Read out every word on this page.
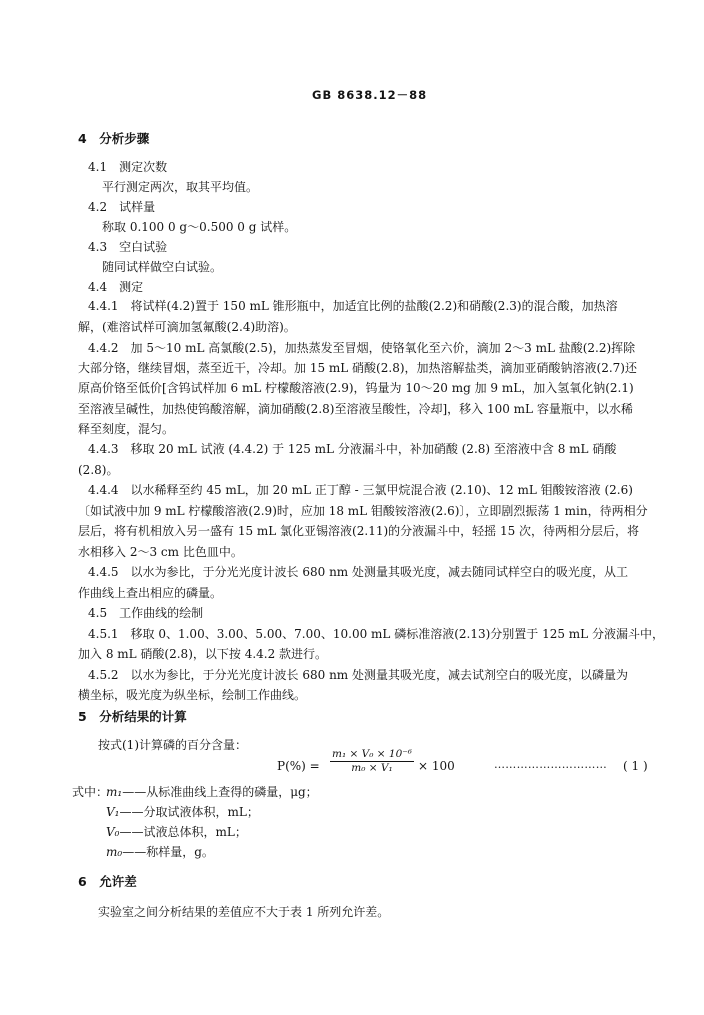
GB 8638.12－88
4　分析步骤
4.1　测定次数
平行测定两次，取其平均值。
4.2　试样量
称取 0.100 0 g～0.500 0 g 试样。
4.3　空白试验
随同试样做空白试验。
4.4　测定
4.4.1　将试样(4.2)置于 150 mL 锥形瓶中，加适宜比例的盐酸(2.2)和硝酸(2.3)的混合酸，加热溶
解，(难溶试样可滴加氢氟酸(2.4)助溶)。
4.4.2　加 5～10 mL 高氯酸(2.5)，加热蒸发至冒烟，使铬氧化至六价，滴加 2～3 mL 盐酸(2.2)挥除
大部分铬，继续冒烟，蒸至近干，冷却。加 15 mL 硝酸(2.8)，加热溶解盐类，滴加亚硝酸钠溶液(2.7)还
原高价铬至低价[含钨试样加 6 mL 柠檬酸溶液(2.9)，钨量为 10～20 mg 加 9 mL，加入氢氧化钠(2.1)
至溶液呈碱性，加热使钨酸溶解，滴加硝酸(2.8)至溶液呈酸性，冷却]，移入 100 mL 容量瓶中，以水稀
释至刻度，混匀。
4.4.3　移取 20 mL 试液 (4.4.2) 于 125 mL 分液漏斗中，补加硝酸 (2.8) 至溶液中含 8 mL 硝酸
(2.8)。
4.4.4　以水稀释至约 45 mL，加 20 mL 正丁醇 - 三氯甲烷混合液 (2.10)、12 mL 钼酸铵溶液 (2.6)
〔如试液中加 9 mL 柠檬酸溶液(2.9)时，应加 18 mL 钼酸铵溶液(2.6)〕，立即剧烈振荡 1 min，待两相分
层后，将有机相放入另一盛有 15 mL 氯化亚锡溶液(2.11)的分液漏斗中，轻摇 15 次，待两相分层后，将
水相移入 2～3 cm 比色皿中。
4.4.5　以水为参比，于分光光度计波长 680 nm 处测量其吸光度，减去随同试样空白的吸光度，从工
作曲线上查出相应的磷量。
4.5　工作曲线的绘制
4.5.1　移取 0、1.00、3.00、5.00、7.00、10.00 mL 磷标准溶液(2.13)分别置于 125 mL 分液漏斗中，
加入 8 mL 硝酸(2.8)，以下按 4.4.2 款进行。
4.5.2　以水为参比，于分光光度计波长 680 nm 处测量其吸光度，减去试剂空白的吸光度，以磷量为
横坐标，吸光度为纵坐标，绘制工作曲线。
5　分析结果的计算
按式(1)计算磷的百分含量：
P(%) =
m₁ × V₀ × 10⁻⁶
m₀ × V₁ × 100	………………………… ( 1 )
式中：
m₁——从标准曲线上查得的磷量，μg；
V₁——分取试液体积，mL；
V₀——试液总体积，mL；
m₀——称样量，g。
6　允许差
实验室之间分析结果的差值应不大于表 1 所列允许差。
